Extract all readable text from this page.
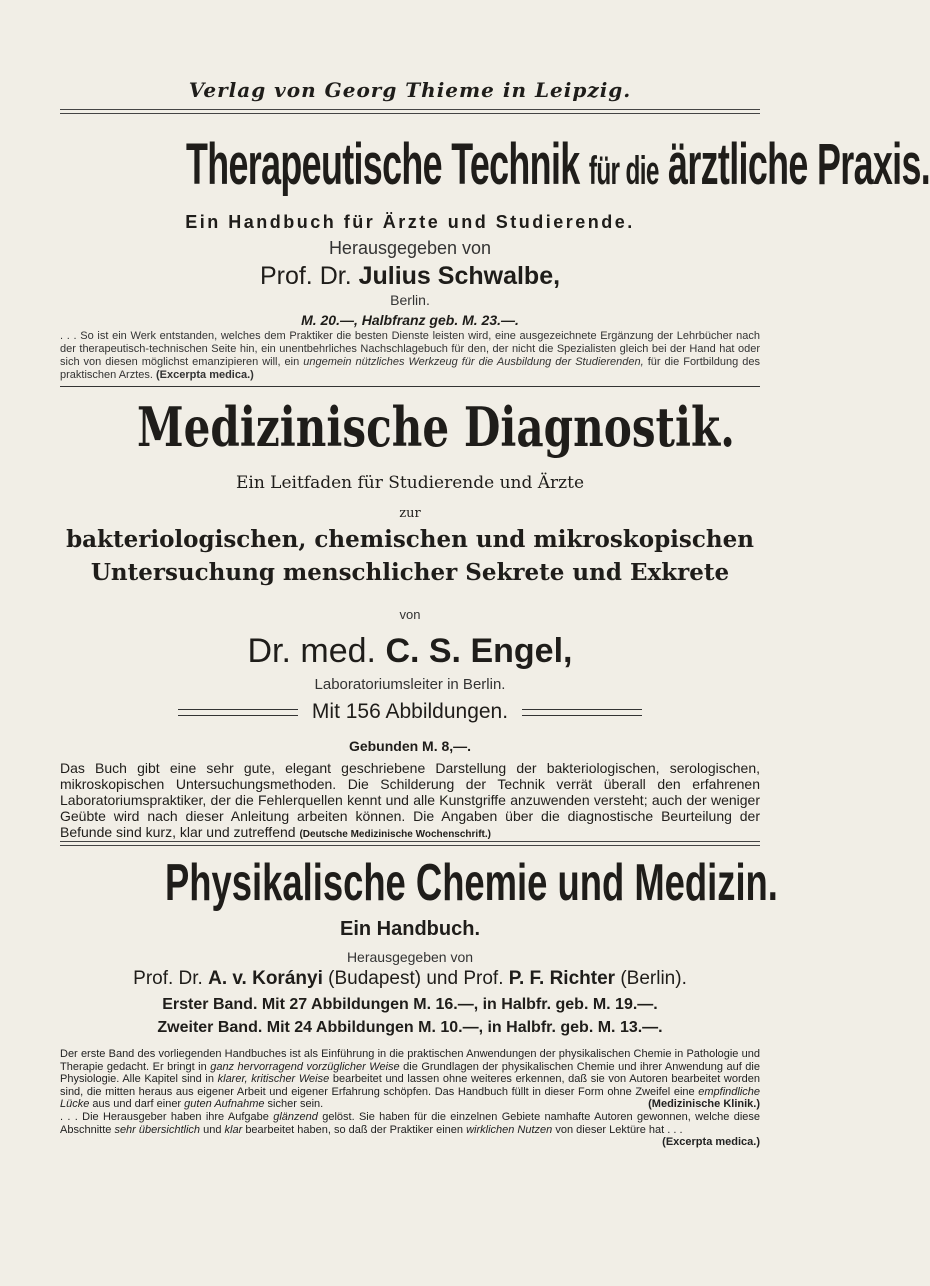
Verlag von Georg Thieme in Leipzig.
Therapeutische Technik für die ärztliche Praxis.
Ein Handbuch für Ärzte und Studierende.
Herausgegeben von
Prof. Dr. Julius Schwalbe,
Berlin.
M. 20.—, Halbfranz geb. M. 23.—.
. . . So ist ein Werk entstanden, welches dem Praktiker die besten Dienste leisten wird, eine ausgezeichnete Ergänzung der Lehrbücher nach der therapeutisch-technischen Seite hin, ein unentbehrliches Nachschlagebuch für den, der nicht die Spezialisten gleich bei der Hand hat oder sich von diesen möglichst emanzipieren will, ein ungemein nützliches Werkzeug für die Ausbildung der Studierenden, für die Fortbildung des praktischen Arztes. (Excerpta medica.)
Medizinische Diagnostik.
Ein Leitfaden für Studierende und Ärzte
zur
bakteriologischen, chemischen und mikroskopischen
Untersuchung menschlicher Sekrete und Exkrete
von
Dr. med. C. S. Engel,
Laboratoriumsleiter in Berlin.
Mit 156 Abbildungen.
Gebunden M. 8,—.
Das Buch gibt eine sehr gute, elegant geschriebene Darstellung der bakteriologischen, serologischen, mikroskopischen Untersuchungsmethoden. Die Schilderung der Technik verrät überall den erfahrenen Laboratoriumspraktiker, der die Fehlerquellen kennt und alle Kunstgriffe anzuwenden versteht; auch der weniger Geübte wird nach dieser Anleitung arbeiten können. Die Angaben über die diagnostische Beurteilung der Befunde sind kurz, klar und zutreffend (Deutsche Medizinische Wochenschrift.)
Physikalische Chemie und Medizin.
Ein Handbuch.
Herausgegeben von
Prof. Dr. A. v. Korányi (Budapest) und Prof. P. F. Richter (Berlin).
Erster Band. Mit 27 Abbildungen M. 16.—, in Halbfr. geb. M. 19.—.
Zweiter Band. Mit 24 Abbildungen M. 10.—, in Halbfr. geb. M. 13.—.
Der erste Band des vorliegenden Handbuches ist als Einführung in die praktischen Anwendungen der physikalischen Chemie in Pathologie und Therapie gedacht. Er bringt in ganz hervorragend vorzüglicher Weise die Grundlagen der physikalischen Chemie und ihrer Anwendung auf die Physiologie. Alle Kapitel sind in klarer, kritischer Weise bearbeitet und lassen ohne weiteres erkennen, daß sie von Autoren bearbeitet worden sind, die mitten heraus aus eigener Arbeit und eigener Erfahrung schöpfen. Das Handbuch füllt in dieser Form ohne Zweifel eine empfindliche Lücke aus und darf einer guten Aufnahme sicher sein.	(Medizinische Klinik.)
. . . Die Herausgeber haben ihre Aufgabe glänzend gelöst. Sie haben für die einzelnen Gebiete namhafte Autoren gewonnen, welche diese Abschnitte sehr übersichtlich und klar bearbeitet haben, so daß der Praktiker einen wirklichen Nutzen von dieser Lektüre hat . . .
(Excerpta medica.)
